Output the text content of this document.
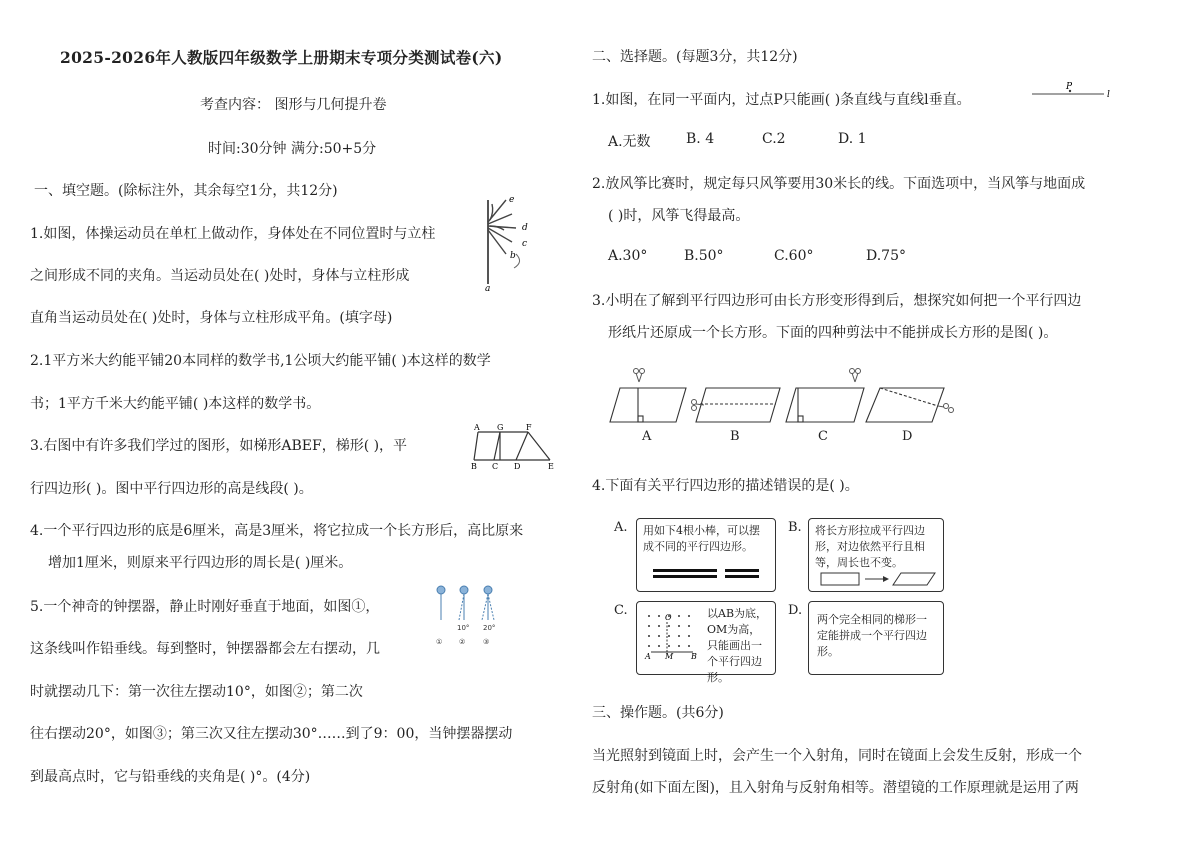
2025-2026年人教版四年级数学上册期末专项分类测试卷(六)
考查内容： 图形与几何提升卷
时间:30分钟 满分:50+5分
一、填空题。(除标注外，其余每空1分，共12分)
1.如图，体操运动员在单杠上做动作，身体处在不同位置时与立柱
之间形成不同的夹角。当运动员处在( )处时，身体与立柱形成
直角当运动员处在( )处时，身体与立柱形成平角。(填字母)
e
d
c
b
a
2.1平方米大约能平铺20本同样的数学书,1公顷大约能平铺( )本这样的数学
书；1平方千米大约能平铺( )本这样的数学书。
3.右图中有许多我们学过的图形，如梯形ABEF，梯形( )，平
行四边形( )。图中平行四边形的高是线段( )。
A G	F
B C D	E
4.一个平行四边形的底是6厘米，高是3厘米，将它拉成一个长方形后，高比原来
增加1厘米，则原来平行四边形的周长是( )厘米。
5.一个神奇的钟摆器，静止时刚好垂直于地面，如图①，
这条线叫作铅垂线。每到整时，钟摆器都会左右摆动，几
时就摆动几下：第一次往左摆动10°，如图②；第二次
往右摆动20°，如图③；第三次又往左摆动30°……到了9：00，当钟摆器摆动
到最高点时，它与铅垂线的夹角是( )°。(4分)
10° 20°
① ②	③
二、选择题。(每题3分，共12分)
1.如图，在同一平面内，过点P只能画( )条直线与直线l垂直。
P
l
A.无数	B. 4	C.2	D. 1
2.放风筝比赛时，规定每只风筝要用30米长的线。下面选项中，当风筝与地面成
( )时，风筝飞得最高。
A.30°	B.50°	C.60°	D.75°
3.小明在了解到平行四边形可由长方形变形得到后，想探究如何把一个平行四边
形纸片还原成一个长方形。下面的四种剪法中不能拼成长方形的是图( )。
A	B	C	D
4.下面有关平行四边形的描述错误的是( )。
A. 用如下4根小棒，可以摆成不同的平行四边形。
B. 将长方形拉成平行四边形，对边依然平行且相等，周长也不变。
C.	O
A M B
以AB为底，OM为高，只能画出一个平行四边形。
D.
两个完全相同的梯形一定能拼成一个平行四边形。
三、操作题。(共6分)
当光照射到镜面上时，会产生一个入射角，同时在镜面上会发生反射，形成一个
反射角(如下面左图)，且入射角与反射角相等。潜望镜的工作原理就是运用了两
